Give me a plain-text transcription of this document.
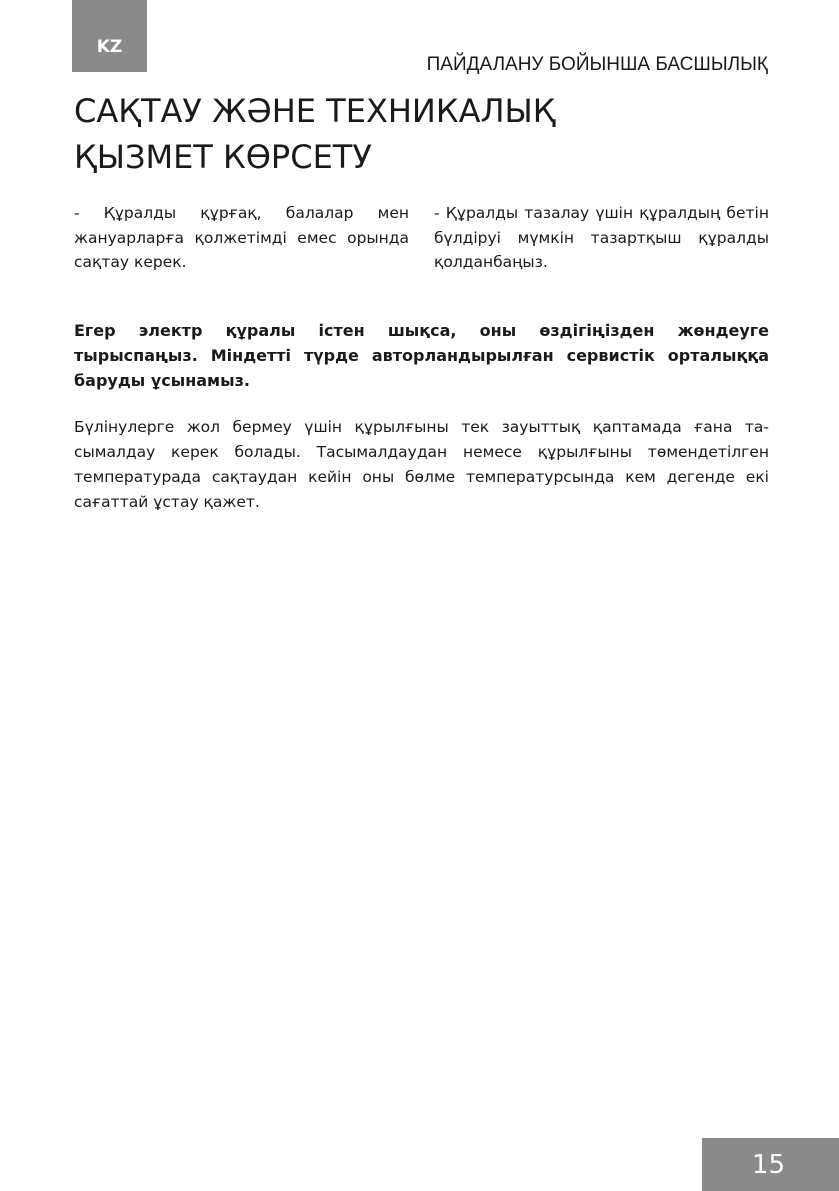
KZ
ПАЙДАЛАНУ БОЙЫНША БАСШЫЛЫҚ
САҚТАУ ЖӘНЕ ТЕХНИКАЛЫҚ
ҚЫЗМЕТ КӨРСЕТУ

- Құралды құрғақ, балалар мен жануарларға қолжетімді емес орында сақтау керек.

- Құралды тазалау үшін құралдың бетін бүлдіруі мүмкін тазартқыш құралды қолданбаңыз.

Егер электр құралы істен шықса, оны өздігіңізден жөндеуге тырыспаңыз. Міндетті түрде авторландырылған сервистік орталыққа баруды ұсынамыз.

Бүлінулерге жол бермеу үшін құрылғыны тек зауыттық қаптамада ғана тасымалдау керек болады. Тасымалдаудан немесе құрылғыны төмендетілген температурада сақтаудан кейін оны бөлме температурсында кем дегенде екі сағаттай ұстау қажет.

15
